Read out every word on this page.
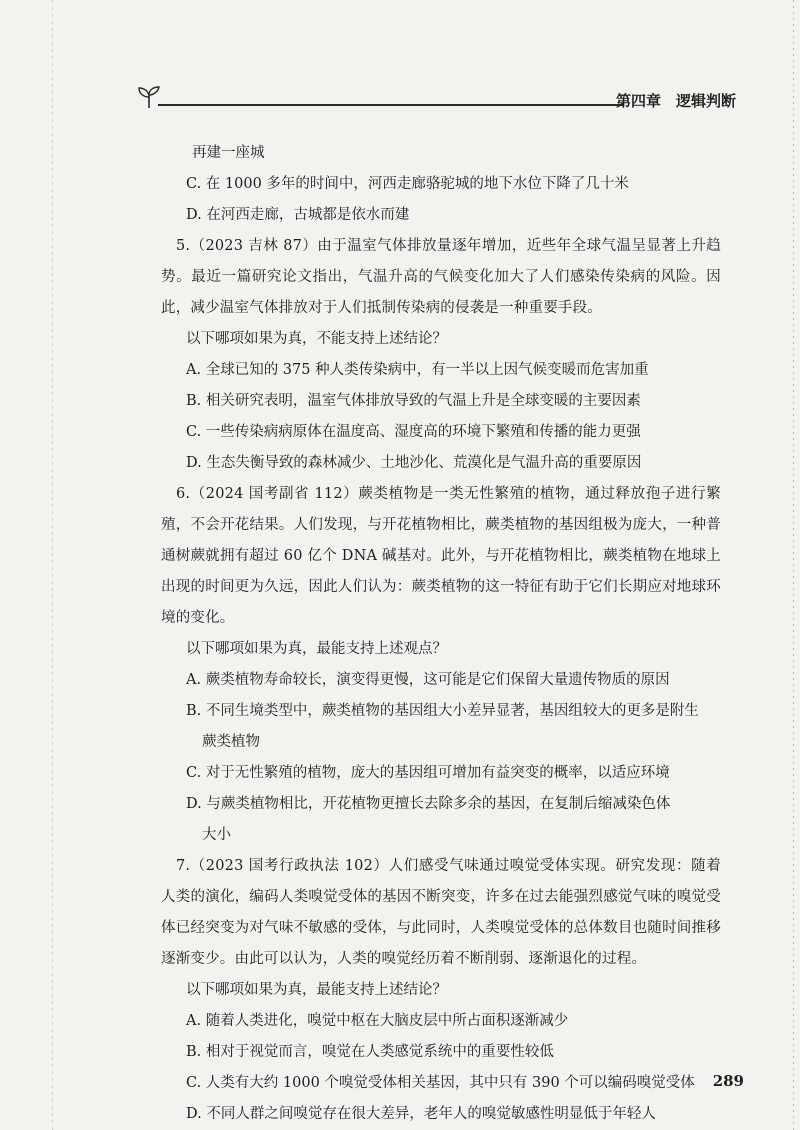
第四章　逻辑判断
再建一座城
C. 在 1000 多年的时间中，河西走廊骆驼城的地下水位下降了几十米
D. 在河西走廊，古城都是依水而建
5.（2023 吉林 87）由于温室气体排放量逐年增加，近些年全球气温呈显著上升趋势。最近一篇研究论文指出，气温升高的气候变化加大了人们感染传染病的风险。因此，减少温室气体排放对于人们抵制传染病的侵袭是一种重要手段。
以下哪项如果为真，不能支持上述结论？
A. 全球已知的 375 种人类传染病中，有一半以上因气候变暖而危害加重
B. 相关研究表明，温室气体排放导致的气温上升是全球变暖的主要因素
C. 一些传染病病原体在温度高、湿度高的环境下繁殖和传播的能力更强
D. 生态失衡导致的森林减少、土地沙化、荒漠化是气温升高的重要原因
6.（2024 国考副省 112）蕨类植物是一类无性繁殖的植物，通过释放孢子进行繁殖，不会开花结果。人们发现，与开花植物相比，蕨类植物的基因组极为庞大，一种普通树蕨就拥有超过 60 亿个 DNA 碱基对。此外，与开花植物相比，蕨类植物在地球上出现的时间更为久远，因此人们认为：蕨类植物的这一特征有助于它们长期应对地球环境的变化。
以下哪项如果为真，最能支持上述观点？
A. 蕨类植物寿命较长，演变得更慢，这可能是它们保留大量遗传物质的原因
B. 不同生境类型中，蕨类植物的基因组大小差异显著，基因组较大的更多是附生
蕨类植物
C. 对于无性繁殖的植物，庞大的基因组可增加有益突变的概率，以适应环境
D. 与蕨类植物相比，开花植物更擅长去除多余的基因，在复制后缩减染色体
大小
7.（2023 国考行政执法 102）人们感受气味通过嗅觉受体实现。研究发现：随着人类的演化，编码人类嗅觉受体的基因不断突变，许多在过去能强烈感觉气味的嗅觉受体已经突变为对气味不敏感的受体，与此同时，人类嗅觉受体的总体数目也随时间推移逐渐变少。由此可以认为，人类的嗅觉经历着不断削弱、逐渐退化的过程。
以下哪项如果为真，最能支持上述结论？
A. 随着人类进化，嗅觉中枢在大脑皮层中所占面积逐渐减少
B. 相对于视觉而言，嗅觉在人类感觉系统中的重要性较低
C. 人类有大约 1000 个嗅觉受体相关基因，其中只有 390 个可以编码嗅觉受体
D. 不同人群之间嗅觉存在很大差异，老年人的嗅觉敏感性明显低于年轻人
289
